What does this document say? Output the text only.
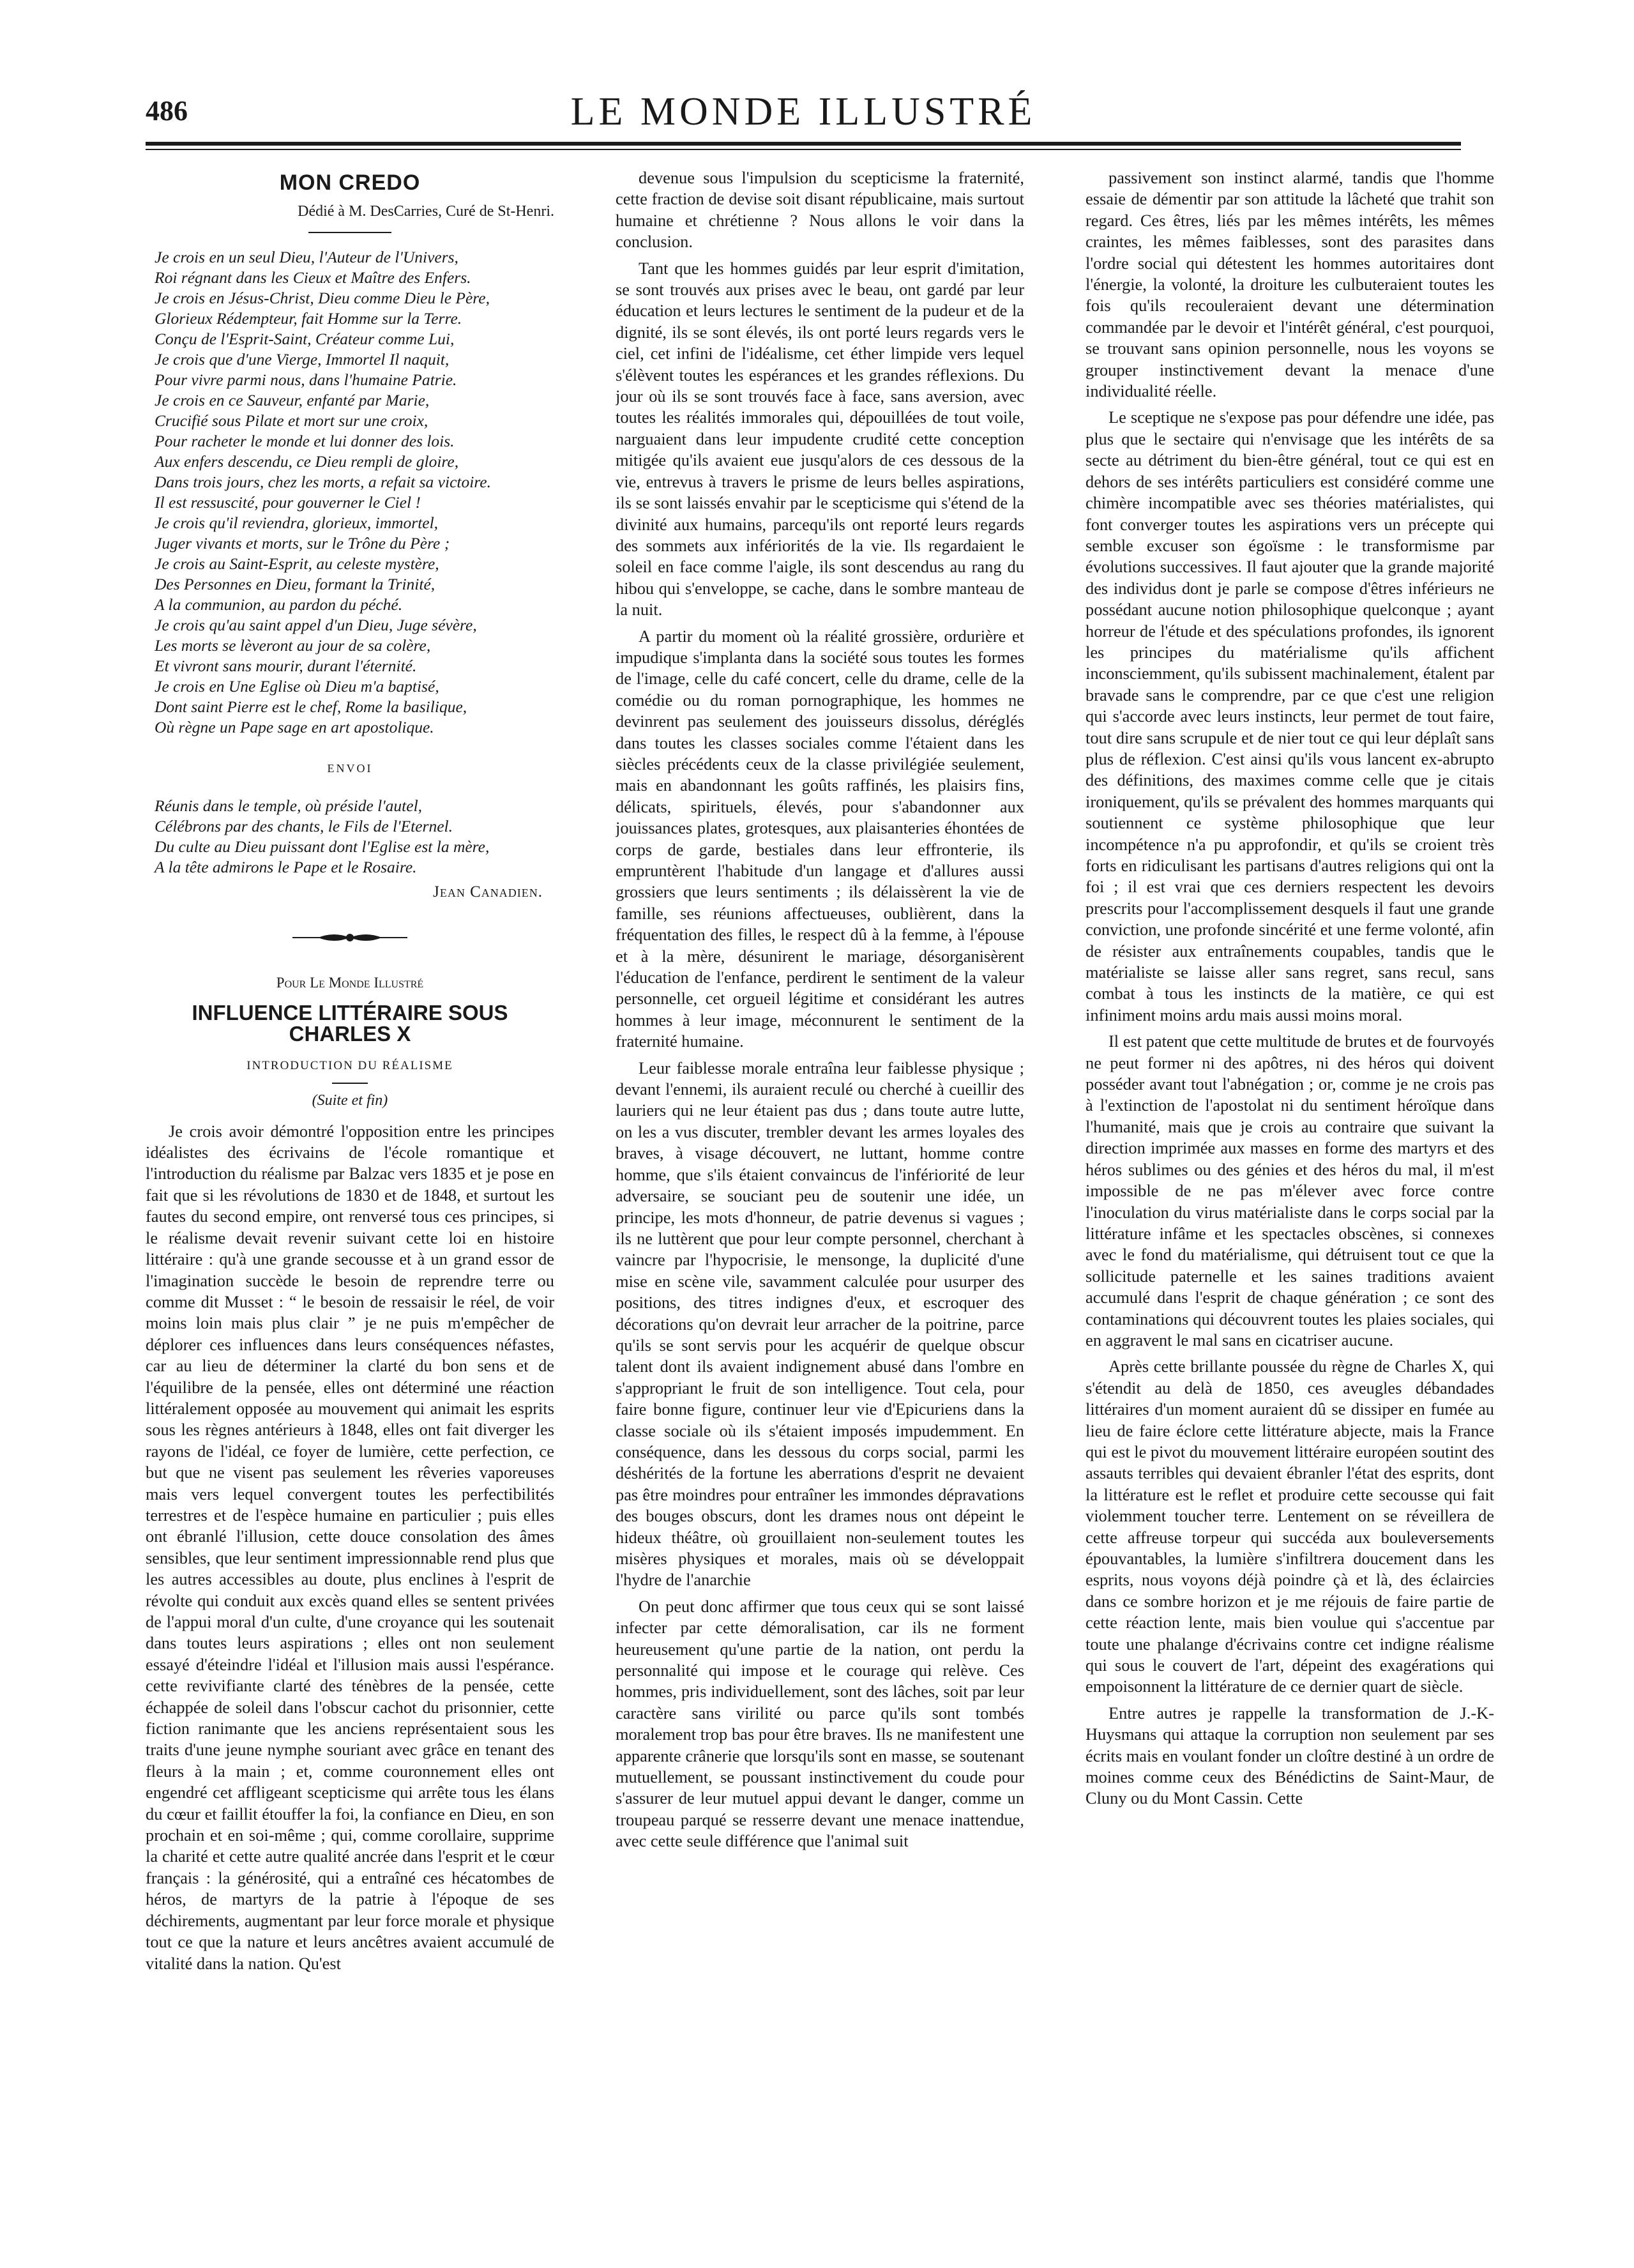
486	LE MONDE ILLUSTRÉ
MON CREDO
Dédié à M. DesCarries, Curé de St-Henri.
Je crois en un seul Dieu, l'Auteur de l'Univers,
Roi régnant dans les Cieux et Maître des Enfers.
Je crois en Jésus-Christ, Dieu comme Dieu le Père,
Glorieux Rédempteur, fait Homme sur la Terre.
Conçu de l'Esprit-Saint, Créateur comme Lui,
Je crois que d'une Vierge, Immortel Il naquit,
Pour vivre parmi nous, dans l'humaine Patrie.
Je crois en ce Sauveur, enfanté par Marie,
Crucifié sous Pilate et mort sur une croix,
Pour racheter le monde et lui donner des lois.
Aux enfers descendu, ce Dieu rempli de gloire,
Dans trois jours, chez les morts, a refait sa victoire.
Il est ressuscité, pour gouverner le Ciel !
Je crois qu'il reviendra, glorieux, immortel,
Juger vivants et morts, sur le Trône du Père ;
Je crois au Saint-Esprit, au celeste mystère,
Des Personnes en Dieu, formant la Trinité,
A la communion, au pardon du péché.
Je crois qu'au saint appel d'un Dieu, Juge sévère,
Les morts se lèveront au jour de sa colère,
Et vivront sans mourir, durant l'éternité.
Je crois en Une Eglise où Dieu m'a baptisé,
Dont saint Pierre est le chef, Rome la basilique,
Où règne un Pape sage en art apostolique.
ENVOI
Réunis dans le temple, où préside l'autel,
Célébrons par des chants, le Fils de l'Eternel.
Du culte au Dieu puissant dont l'Eglise est la mère,
A la tête admirons le Pape et le Rosaire.
Jean Canadien.
Pour Le Monde Illustré
INFLUENCE LITTÉRAIRE SOUS CHARLES X
INTRODUCTION DU RÉALISME
(Suite et fin)

Je crois avoir démontré l'opposition entre les principes idéalistes des écrivains de l'école romantique et l'introduction du réalisme par Balzac vers 1835 et je pose en fait que si les révolutions de 1830 et de 1848, et surtout les fautes du second empire, ont renversé tous ces principes, si le réalisme devait revenir suivant cette loi en histoire littéraire : qu'à une grande secousse et à un grand essor de l'imagination succède le besoin de reprendre terre ou comme dit Musset : “ le besoin de ressaisir le réel, de voir moins loin mais plus clair ” je ne puis m'empêcher de déplorer ces influences dans leurs conséquences néfastes, car au lieu de déterminer la clarté du bon sens et de l'équilibre de la pensée, elles ont déterminé une réaction littéralement opposée au mouvement qui animait les esprits sous les règnes antérieurs à 1848, elles ont fait diverger les rayons de l'idéal, ce foyer de lumière, cette perfection, ce but que ne visent pas seulement les rêveries vaporeuses mais vers lequel convergent toutes les perfectibilités terrestres et de l'espèce humaine en particulier ; puis elles ont ébranlé l'illusion, cette douce consolation des âmes sensibles, que leur sentiment impressionnable rend plus que les autres accessibles au doute, plus enclines à l'esprit de révolte qui conduit aux excès quand elles se sentent privées de l'appui moral d'un culte, d'une croyance qui les soutenait dans toutes leurs aspirations ; elles ont non seulement essayé d'éteindre l'idéal et l'illusion mais aussi l'espérance. cette revivifiante clarté des ténèbres de la pensée, cette échappée de soleil dans l'obscur cachot du prisonnier, cette fiction ranimante que les anciens représentaient sous les traits d'une jeune nymphe souriant avec grâce en tenant des fleurs à la main ; et, comme couronnement elles ont engendré cet affligeant scepticisme qui arrête tous les élans du cœur et faillit étouffer la foi, la confiance en Dieu, en son prochain et en soi-même ; qui, comme corollaire, supprime la charité et cette autre qualité ancrée dans l'esprit et le cœur français : la générosité, qui a entraîné ces hécatombes de héros, de martyrs de la patrie à l'époque de ses déchirements, augmentant par leur force morale et physique tout ce que la nature et leurs ancêtres avaient accumulé de vitalité dans la nation. Qu'est

devenue sous l'impulsion du scepticisme la fraternité, cette fraction de devise soit disant républicaine, mais surtout humaine et chrétienne ? Nous allons le voir dans la conclusion.

Tant que les hommes guidés par leur esprit d'imitation, se sont trouvés aux prises avec le beau, ont gardé par leur éducation et leurs lectures le sentiment de la pudeur et de la dignité, ils se sont élevés, ils ont porté leurs regards vers le ciel, cet infini de l'idéalisme, cet éther limpide vers lequel s'élèvent toutes les espérances et les grandes réflexions. Du jour où ils se sont trouvés face à face, sans aversion, avec toutes les réalités immorales qui, dépouillées de tout voile, narguaient dans leur impudente crudité cette conception mitigée qu'ils avaient eue jusqu'alors de ces dessous de la vie, entrevus à travers le prisme de leurs belles aspirations, ils se sont laissés envahir par le scepticisme qui s'étend de la divinité aux humains, parcequ'ils ont reporté leurs regards des sommets aux infériorités de la vie. Ils regardaient le soleil en face comme l'aigle, ils sont descendus au rang du hibou qui s'enveloppe, se cache, dans le sombre manteau de la nuit.

A partir du moment où la réalité grossière, ordurière et impudique s'implanta dans la société sous toutes les formes de l'image, celle du café concert, celle du drame, celle de la comédie ou du roman pornographique, les hommes ne devinrent pas seulement des jouisseurs dissolus, déréglés dans toutes les classes sociales comme l'étaient dans les siècles précédents ceux de la classe privilégiée seulement, mais en abandonnant les goûts raffinés, les plaisirs fins, délicats, spirituels, élevés, pour s'abandonner aux jouissances plates, grotesques, aux plaisanteries éhontées de corps de garde, bestiales dans leur effronterie, ils empruntèrent l'habitude d'un langage et d'allures aussi grossiers que leurs sentiments ; ils délaissèrent la vie de famille, ses réunions affectueuses, oublièrent, dans la fréquentation des filles, le respect dû à la femme, à l'épouse et à la mère, désunirent le mariage, désorganisèrent l'éducation de l'enfance, perdirent le sentiment de la valeur personnelle, cet orgueil légitime et considérant les autres hommes à leur image, méconnurent le sentiment de la fraternité humaine.

Leur faiblesse morale entraîna leur faiblesse physique ; devant l'ennemi, ils auraient reculé ou cherché à cueillir des lauriers qui ne leur étaient pas dus ; dans toute autre lutte, on les a vus discuter, trembler devant les armes loyales des braves, à visage découvert, ne luttant, homme contre homme, que s'ils étaient convaincus de l'infériorité de leur adversaire, se souciant peu de soutenir une idée, un principe, les mots d'honneur, de patrie devenus si vagues ; ils ne luttèrent que pour leur compte personnel, cherchant à vaincre par l'hypocrisie, le mensonge, la duplicité d'une mise en scène vile, savamment calculée pour usurper des positions, des titres indignes d'eux, et escroquer des décorations qu'on devrait leur arracher de la poitrine, parce qu'ils se sont servis pour les acquérir de quelque obscur talent dont ils avaient indignement abusé dans l'ombre en s'appropriant le fruit de son intelligence. Tout cela, pour faire bonne figure, continuer leur vie d'Epicuriens dans la classe sociale où ils s'étaient imposés impudemment. En conséquence, dans les dessous du corps social, parmi les déshérités de la fortune les aberrations d'esprit ne devaient pas être moindres pour entraîner les immondes dépravations des bouges obscurs, dont les drames nous ont dépeint le hideux théâtre, où grouillaient non-seulement toutes les misères physiques et morales, mais où se développait l'hydre de l'anarchie

On peut donc affirmer que tous ceux qui se sont laissé infecter par cette démoralisation, car ils ne forment heureusement qu'une partie de la nation, ont perdu la personnalité qui impose et le courage qui relève. Ces hommes, pris individuellement, sont des lâches, soit par leur caractère sans virilité ou parce qu'ils sont tombés moralement trop bas pour être braves. Ils ne manifestent une apparente crânerie que lorsqu'ils sont en masse, se soutenant mutuellement, se poussant instinctivement du coude pour s'assurer de leur mutuel appui devant le danger, comme un troupeau parqué se resserre devant une menace inattendue, avec cette seule différence que l'animal suit

passivement son instinct alarmé, tandis que l'homme essaie de démentir par son attitude la lâcheté que trahit son regard. Ces êtres, liés par les mêmes intérêts, les mêmes craintes, les mêmes faiblesses, sont des parasites dans l'ordre social qui détestent les hommes autoritaires dont l'énergie, la volonté, la droiture les culbuteraient toutes les fois qu'ils recouleraient devant une détermination commandée par le devoir et l'intérêt général, c'est pourquoi, se trouvant sans opinion personnelle, nous les voyons se grouper instinctivement devant la menace d'une individualité réelle.

Le sceptique ne s'expose pas pour défendre une idée, pas plus que le sectaire qui n'envisage que les intérêts de sa secte au détriment du bien-être général, tout ce qui est en dehors de ses intérêts particuliers est considéré comme une chimère incompatible avec ses théories matérialistes, qui font converger toutes les aspirations vers un précepte qui semble excuser son égoïsme : le transformisme par évolutions successives. Il faut ajouter que la grande majorité des individus dont je parle se compose d'êtres inférieurs ne possédant aucune notion philosophique quelconque ; ayant horreur de l'étude et des spéculations profondes, ils ignorent les principes du matérialisme qu'ils affichent inconsciemment, qu'ils subissent machinalement, étalent par bravade sans le comprendre, par ce que c'est une religion qui s'accorde avec leurs instincts, leur permet de tout faire, tout dire sans scrupule et de nier tout ce qui leur déplaît sans plus de réflexion. C'est ainsi qu'ils vous lancent ex-abrupto des définitions, des maximes comme celle que je citais ironiquement, qu'ils se prévalent des hommes marquants qui soutiennent ce système philosophique que leur incompétence n'a pu approfondir, et qu'ils se croient très forts en ridiculisant les partisans d'autres religions qui ont la foi ; il est vrai que ces derniers respectent les devoirs prescrits pour l'accomplissement desquels il faut une grande conviction, une profonde sincérité et une ferme volonté, afin de résister aux entraînements coupables, tandis que le matérialiste se laisse aller sans regret, sans recul, sans combat à tous les instincts de la matière, ce qui est infiniment moins ardu mais aussi moins moral.

Il est patent que cette multitude de brutes et de fourvoyés ne peut former ni des apôtres, ni des héros qui doivent posséder avant tout l'abnégation ; or, comme je ne crois pas à l'extinction de l'apostolat ni du sentiment héroïque dans l'humanité, mais que je crois au contraire que suivant la direction imprimée aux masses en forme des martyrs et des héros sublimes ou des génies et des héros du mal, il m'est impossible de ne pas m'élever avec force contre l'inoculation du virus matérialiste dans le corps social par la littérature infâme et les spectacles obscènes, si connexes avec le fond du matérialisme, qui détruisent tout ce que la sollicitude paternelle et les saines traditions avaient accumulé dans l'esprit de chaque génération ; ce sont des contaminations qui découvrent toutes les plaies sociales, qui en aggravent le mal sans en cicatriser aucune.

Après cette brillante poussée du règne de Charles X, qui s'étendit au delà de 1850, ces aveugles débandades littéraires d'un moment auraient dû se dissiper en fumée au lieu de faire éclore cette littérature abjecte, mais la France qui est le pivot du mouvement littéraire européen soutint des assauts terribles qui devaient ébranler l'état des esprits, dont la littérature est le reflet et produire cette secousse qui fait violemment toucher terre. Lentement on se réveillera de cette affreuse torpeur qui succéda aux bouleversements épouvantables, la lumière s'infiltrera doucement dans les esprits, nous voyons déjà poindre çà et là, des éclaircies dans ce sombre horizon et je me réjouis de faire partie de cette réaction lente, mais bien voulue qui s'accentue par toute une phalange d'écrivains contre cet indigne réalisme qui sous le couvert de l'art, dépeint des exagérations qui empoisonnent la littérature de ce dernier quart de siècle.

Entre autres je rappelle la transformation de J.-K-Huysmans qui attaque la corruption non seulement par ses écrits mais en voulant fonder un cloître destiné à un ordre de moines comme ceux des Bénédictins de Saint-Maur, de Cluny ou du Mont Cassin. Cette
